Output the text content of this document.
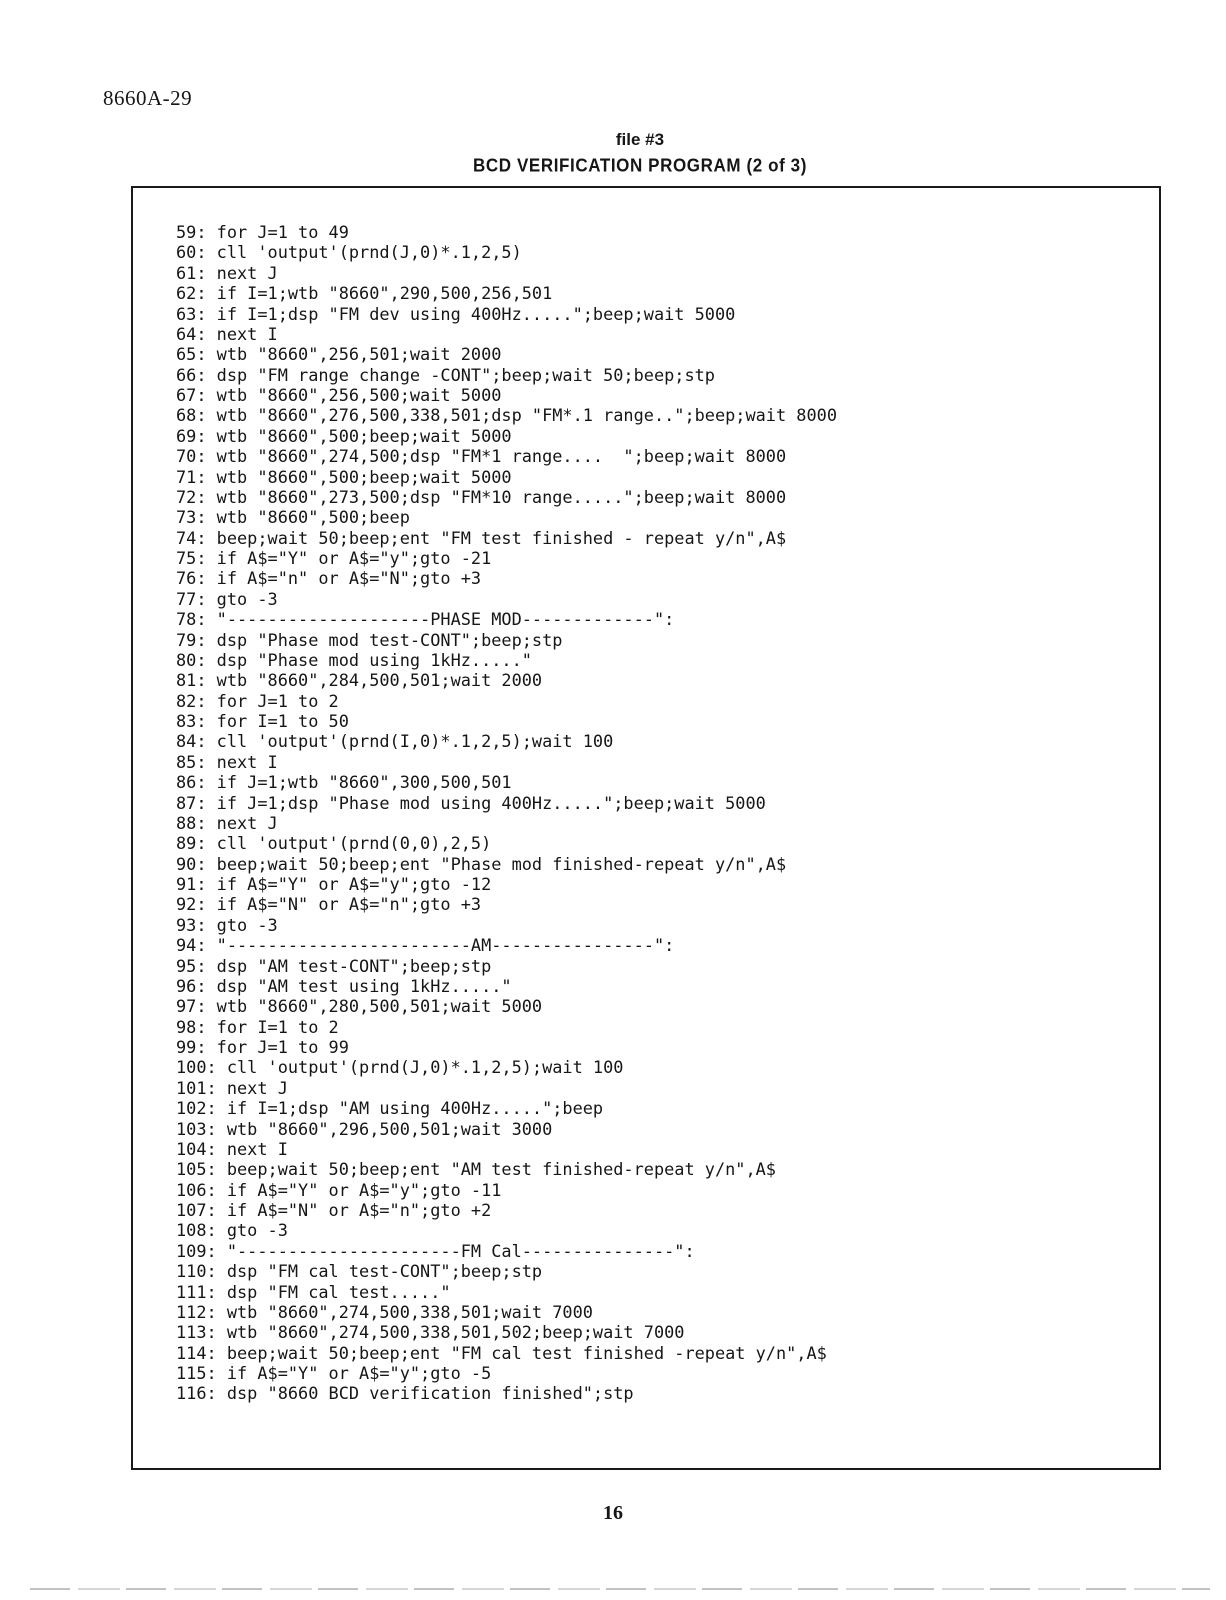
8660A-29
file #3
BCD VERIFICATION PROGRAM (2 of 3)
59: for J=1 to 49
60: cll 'output'(prnd(J,0)*.1,2,5)
61: next J
62: if I=1;wtb "8660",290,500,256,501
63: if I=1;dsp "FM dev using 400Hz.....";beep;wait 5000
64: next I
65: wtb "8660",256,501;wait 2000
66: dsp "FM range change -CONT";beep;wait 50;beep;stp
67: wtb "8660",256,500;wait 5000
68: wtb "8660",276,500,338,501;dsp "FM*.1 range..";beep;wait 8000
69: wtb "8660",500;beep;wait 5000
70: wtb "8660",274,500;dsp "FM*1 range....  ";beep;wait 8000
71: wtb "8660",500;beep;wait 5000
72: wtb "8660",273,500;dsp "FM*10 range.....";beep;wait 8000
73: wtb "8660",500;beep
74: beep;wait 50;beep;ent "FM test finished - repeat y/n",A$
75: if A$="Y" or A$="y";gto -21
76: if A$="n" or A$="N";gto +3
77: gto -3
78: "--------------------PHASE MOD-------------":
79: dsp "Phase mod test-CONT";beep;stp
80: dsp "Phase mod using 1kHz....."
81: wtb "8660",284,500,501;wait 2000
82: for J=1 to 2
83: for I=1 to 50
84: cll 'output'(prnd(I,0)*.1,2,5);wait 100
85: next I
86: if J=1;wtb "8660",300,500,501
87: if J=1;dsp "Phase mod using 400Hz.....";beep;wait 5000
88: next J
89: cll 'output'(prnd(0,0),2,5)
90: beep;wait 50;beep;ent "Phase mod finished-repeat y/n",A$
91: if A$="Y" or A$="y";gto -12
92: if A$="N" or A$="n";gto +3
93: gto -3
94: "------------------------AM----------------":
95: dsp "AM test-CONT";beep;stp
96: dsp "AM test using 1kHz....."
97: wtb "8660",280,500,501;wait 5000
98: for I=1 to 2
99: for J=1 to 99
100: cll 'output'(prnd(J,0)*.1,2,5);wait 100
101: next J
102: if I=1;dsp "AM using 400Hz.....";beep
103: wtb "8660",296,500,501;wait 3000
104: next I
105: beep;wait 50;beep;ent "AM test finished-repeat y/n",A$
106: if A$="Y" or A$="y";gto -11
107: if A$="N" or A$="n";gto +2
108: gto -3
109: "----------------------FM Cal---------------":
110: dsp "FM cal test-CONT";beep;stp
111: dsp "FM cal test....."
112: wtb "8660",274,500,338,501;wait 7000
113: wtb "8660",274,500,338,501,502;beep;wait 7000
114: beep;wait 50;beep;ent "FM cal test finished -repeat y/n",A$
115: if A$="Y" or A$="y";gto -5
116: dsp "8660 BCD verification finished";stp
16
